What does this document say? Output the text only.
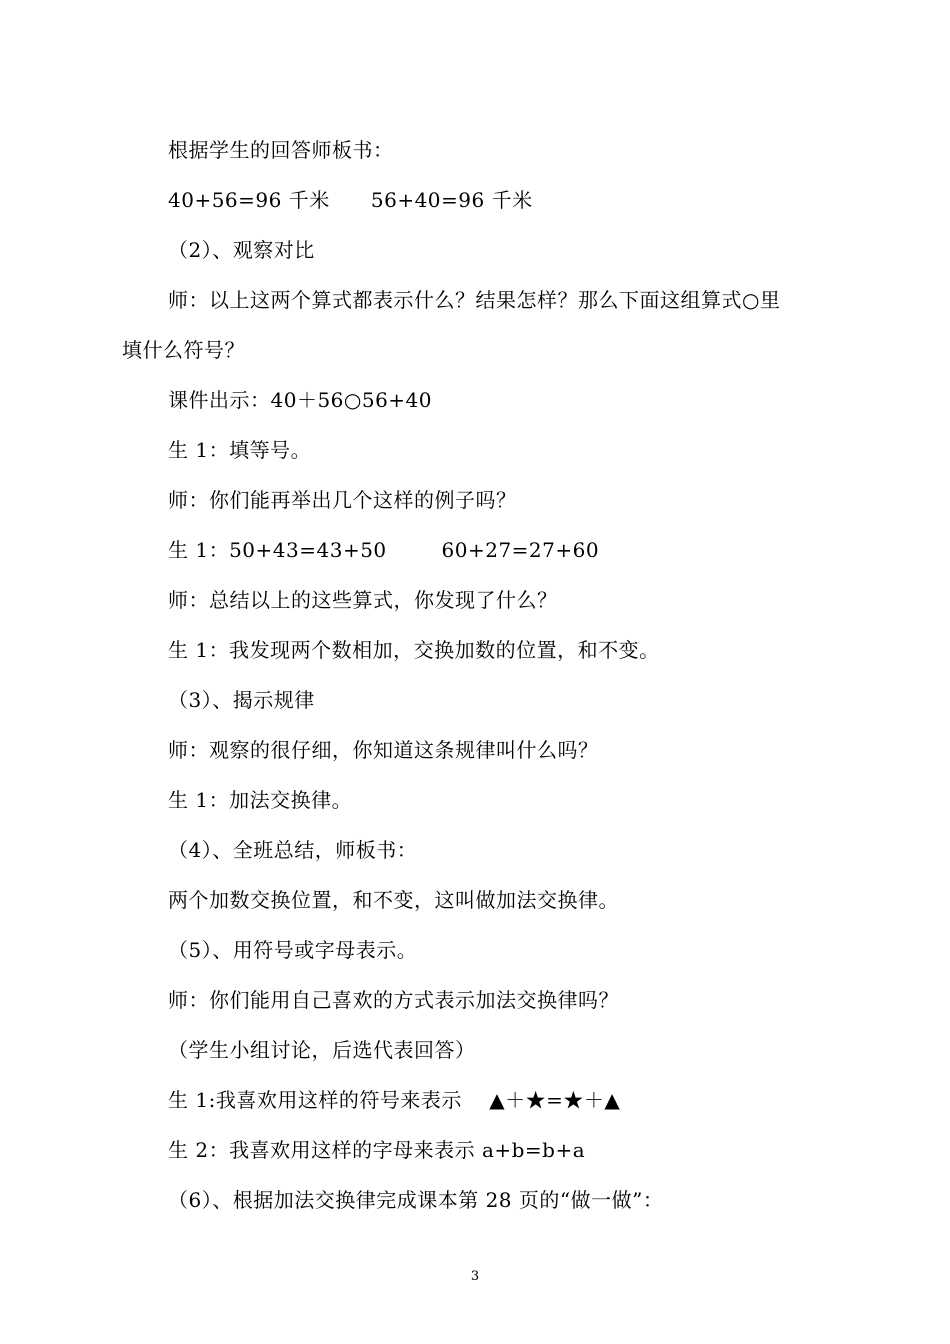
根据学生的回答师板书：
40+56=96 千米      56+40=96 千米
（2）、观察对比
师：以上这两个算式都表示什么？结果怎样？那么下面这组算式○里
填什么符号？
课件出示：40＋56○56+40
生 1：填等号。
师：你们能再举出几个这样的例子吗？
生 1：50+43=43+50        60+27=27+60
师：总结以上的这些算式，你发现了什么？
生 1：我发现两个数相加，交换加数的位置，和不变。
（3）、揭示规律
师：观察的很仔细，你知道这条规律叫什么吗？
生 1：加法交换律。
（4）、全班总结，师板书：
两个加数交换位置，和不变，这叫做加法交换律。
（5）、用符号或字母表示。
师：你们能用自己喜欢的方式表示加法交换律吗？
（学生小组讨论，后选代表回答）
生 1:我喜欢用这样的符号来表示    ▲＋★=★＋▲
生 2：我喜欢用这样的字母来表示 a+b=b+a
（6）、根据加法交换律完成课本第 28 页的“做一做”：
3
